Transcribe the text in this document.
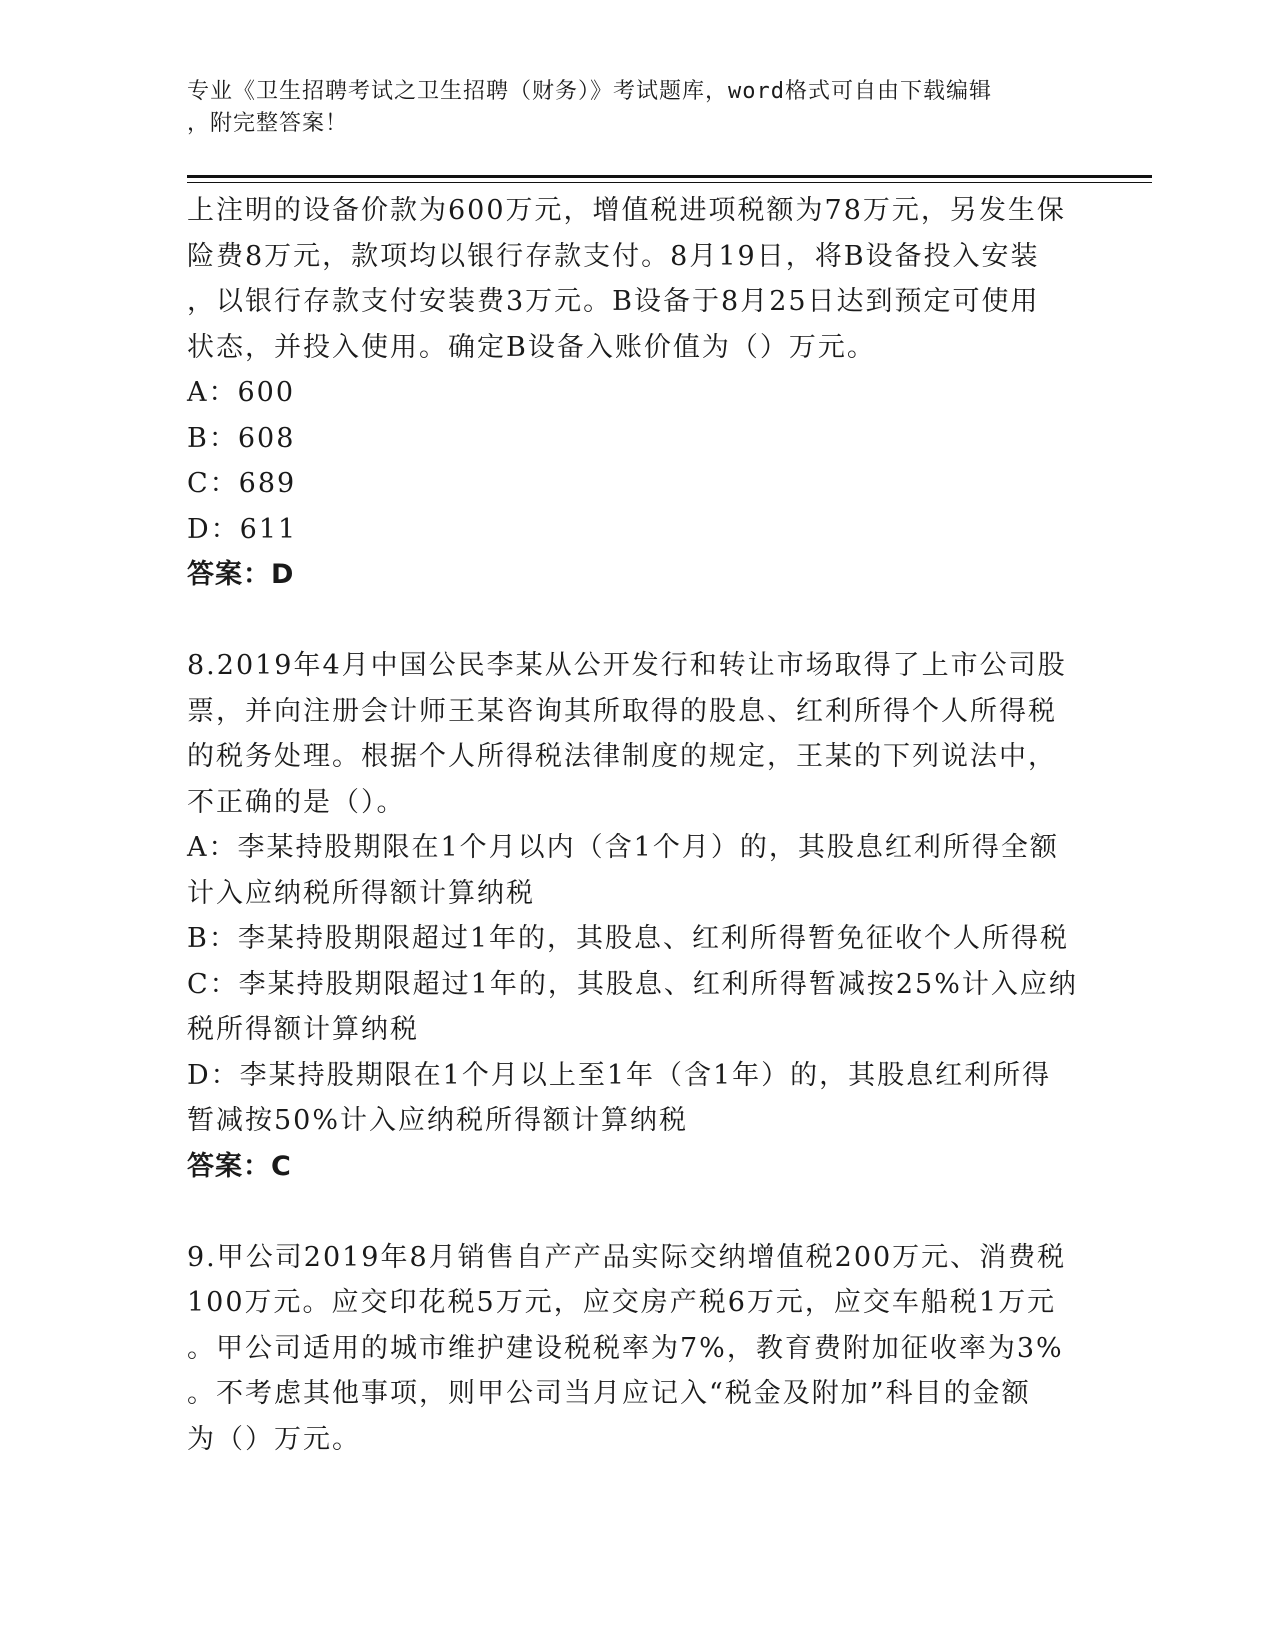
专业《卫生招聘考试之卫生招聘（财务）》考试题库，word格式可自由下载编辑

，附完整答案！

上注明的设备价款为600万元，增值税进项税额为78万元，另发生保
险费8万元，款项均以银行存款支付。8月19日，将B设备投入安装
，以银行存款支付安装费3万元。B设备于8月25日达到预定可使用
状态，并投入使用。确定B设备入账价值为（）万元。
A：600
B：608
C：689
D：611
答案：D
8.2019年4月中国公民李某从公开发行和转让市场取得了上市公司股
票，并向注册会计师王某咨询其所取得的股息、红利所得个人所得税
的税务处理。根据个人所得税法律制度的规定，王某的下列说法中，
不正确的是（）。
A：李某持股期限在1个月以内（含1个月）的，其股息红利所得全额
计入应纳税所得额计算纳税
B：李某持股期限超过1年的，其股息、红利所得暂免征收个人所得税
C：李某持股期限超过1年的，其股息、红利所得暂减按25%计入应纳
税所得额计算纳税
D：李某持股期限在1个月以上至1年（含1年）的，其股息红利所得
暂减按50%计入应纳税所得额计算纳税
答案：C
9.甲公司2019年8月销售自产产品实际交纳增值税200万元、消费税
100万元。应交印花税5万元，应交房产税6万元，应交车船税1万元
。甲公司适用的城市维护建设税税率为7%，教育费附加征收率为3%
。不考虑其他事项，则甲公司当月应记入“税金及附加”科目的金额
为（）万元。
